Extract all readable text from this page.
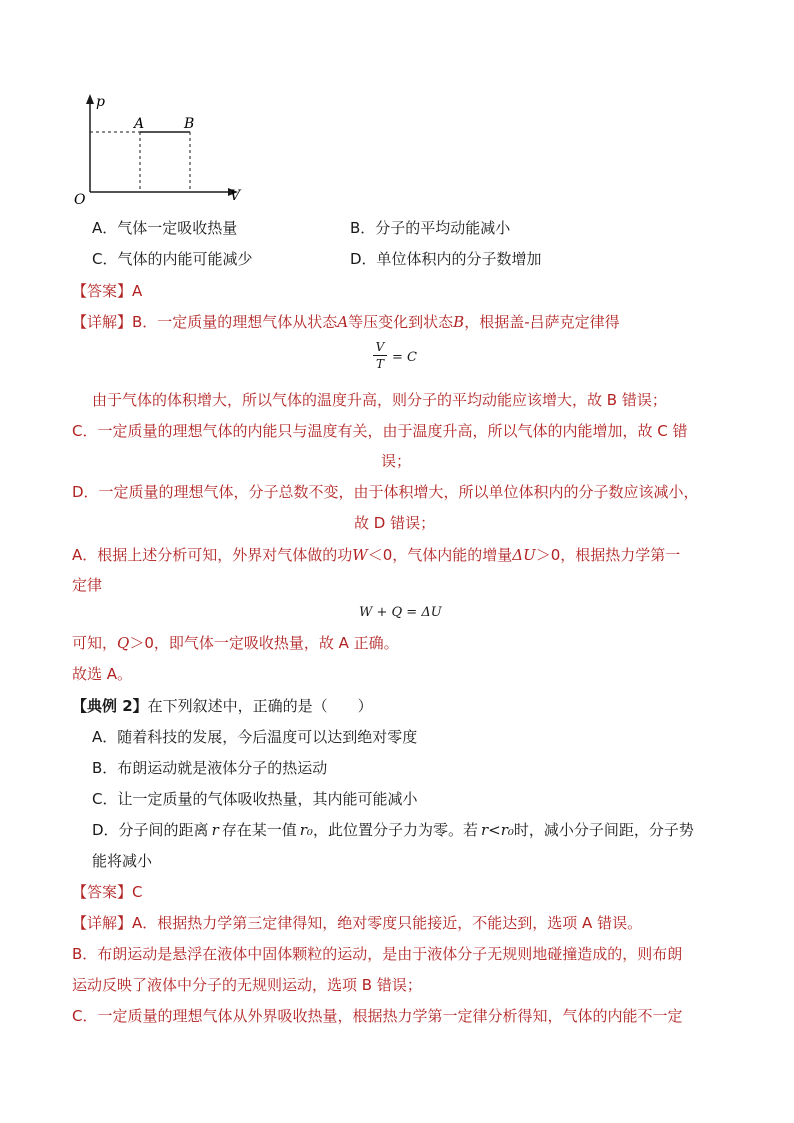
p
V
O
A	B
A．气体一定吸收热量	B．分子的平均动能减小
C．气体的内能可能减少	D．单位体积内的分子数增加
【答案】A
【详解】B．一定质量的理想气体从状态A等压变化到状态B，根据盖-吕萨克定律得
V
T = C
由于气体的体积增大，所以气体的温度升高，则分子的平均动能应该增大，故 B 错误；
C．一定质量的理想气体的内能只与温度有关，由于温度升高，所以气体的内能增加，故 C 错
误；
D．一定质量的理想气体，分子总数不变，由于体积增大，所以单位体积内的分子数应该减小，
故 D 错误；
A．根据上述分析可知，外界对气体做的功W＜0，气体内能的增量ΔU＞0，根据热力学第一
定律
W + Q = ΔU
可知，Q＞0，即气体一定吸收热量，故 A 正确。
故选 A。
【典例 2】在下列叙述中，正确的是（　　）
A．随着科技的发展，今后温度可以达到绝对零度
B．布朗运动就是液体分子的热运动
C．让一定质量的气体吸收热量，其内能可能减小
D．分子间的距离 r 存在某一值 r₀，此位置分子力为零。若 r<r₀时，减小分子间距，分子势
能将减小
【答案】C
【详解】A．根据热力学第三定律得知，绝对零度只能接近，不能达到，选项 A 错误。
B．布朗运动是悬浮在液体中固体颗粒的运动，是由于液体分子无规则地碰撞造成的，则布朗
运动反映了液体中分子的无规则运动，选项 B 错误；
C．一定质量的理想气体从外界吸收热量，根据热力学第一定律分析得知，气体的内能不一定
